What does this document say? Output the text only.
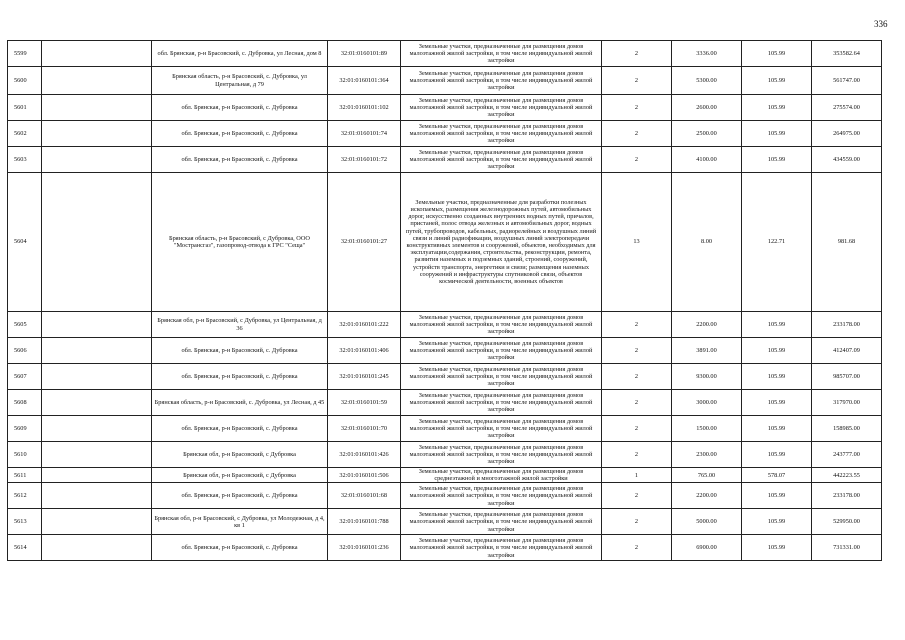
336
5599		обл. Брянская, р-н Брасовский, с. Дубровка, ул Лесная, дом 8	32:01:0160101:89	Земельные участки, предназначенные для размещения домов малоэтажной жилой застройки, в том числе индивидуальной жилой застройки	2	3336.00	105.99	353582.64
5600		Брянская область, р-н Брасовский, с. Дубровка, ул Центральная, д 79	32:01:0160101:364	Земельные участки, предназначенные для размещения домов малоэтажной жилой застройки, в том числе индивидуальной жилой застройки	2	5300.00	105.99	561747.00
5601		обл. Брянская, р-н Брасовский, с. Дубровка	32:01:0160101:102	Земельные участки, предназначенные для размещения домов малоэтажной жилой застройки, в том числе индивидуальной жилой застройки	2	2600.00	105.99	275574.00
5602		обл. Брянская, р-н Брасовский, с. Дубровка	32:01:0160101:74	Земельные участки, предназначенные для размещения домов малоэтажной жилой застройки, в том числе индивидуальной жилой застройки	2	2500.00	105.99	264975.00
5603		обл. Брянская, р-н Брасовский, с. Дубровка	32:01:0160101:72	Земельные участки, предназначенные для размещения домов малоэтажной жилой застройки, в том числе индивидуальной жилой застройки	2	4100.00	105.99	434559.00
5604		Брянская область, р-н Брасовский, с Дубровка, ООО "Мострансгаз", газопровод-отвода к ГРС "Сеща"	32:01:0160101:27	Земельные участки, предназначенные для разработки полезных ископаемых, размещения железнодорожных путей, автомобильных дорог, искусственно созданных внутренних водных путей, причалов, пристаней, полос отвода железных и автомобильных дорог, водных путей, трубопроводов, кабельных, радиорелейных и воздушных линий связи и линий радиофикации, воздушных линий электропередачи конструктивных элементов и сооружений, объектов, необходимых для эксплуатации,содержания, строительства, реконструкции, ремонта, развития наземных и подземных зданий, строений, сооружений, устройств транспорта, энергетики и связи; размещения наземных сооружений и инфраструктуры спутниковой связи, объектов космической деятельности, военных объектов	13	8.00	122.71	981.68
5605		Брянская обл, р-н Брасовский, с Дубровка, ул Центральная, д 36	32:01:0160101:222	Земельные участки, предназначенные для размещения домов малоэтажной жилой застройки, в том числе индивидуальной жилой застройки	2	2200.00	105.99	233178.00
5606		обл. Брянская, р-н Брасовский, с. Дубровка	32:01:0160101:406	Земельные участки, предназначенные для размещения домов малоэтажной жилой застройки, в том числе индивидуальной жилой застройки	2	3891.00	105.99	412407.09
5607		обл. Брянская, р-н Брасовский, с. Дубровка	32:01:0160101:245	Земельные участки, предназначенные для размещения домов малоэтажной жилой застройки, в том числе индивидуальной жилой застройки	2	9300.00	105.99	985707.00
5608		Брянская область, р-н Брасовский, с. Дубровка, ул Лесная, д 45	32:01:0160101:59	Земельные участки, предназначенные для размещения домов малоэтажной жилой застройки, в том числе индивидуальной жилой застройки	2	3000.00	105.99	317970.00
5609		обл. Брянская, р-н Брасовский, с. Дубровка	32:01:0160101:70	Земельные участки, предназначенные для размещения домов малоэтажной жилой застройки, в том числе индивидуальной жилой застройки	2	1500.00	105.99	158985.00
5610		Брянская обл, р-н Брасовский, с Дубровка	32:01:0160101:426	Земельные участки, предназначенные для размещения домов малоэтажной жилой застройки, в том числе индивидуальной жилой застройки	2	2300.00	105.99	243777.00
5611		Брянская обл, р-н Брасовский, с Дубровка	32:01:0160101:506	Земельные участки, предназначенные для размещения домов среднеэтажной и многоэтажной жилой застройки	1	765.00	578.07	442223.55
5612		обл. Брянская, р-н Брасовский, с. Дубровка	32:01:0160101:68	Земельные участки, предназначенные для размещения домов малоэтажной жилой застройки, в том числе индивидуальной жилой застройки	2	2200.00	105.99	233178.00
5613		Брянская обл, р-н Брасовский, с Дубровка, ул Молодежная, д 4, кв 1	32:01:0160101:788	Земельные участки, предназначенные для размещения домов малоэтажной жилой застройки, в том числе индивидуальной жилой застройки	2	5000.00	105.99	529950.00
5614		обл. Брянская, р-н Брасовский, с. Дубровка	32:01:0160101:236	Земельные участки, предназначенные для размещения домов малоэтажной жилой застройки, в том числе индивидуальной жилой застройки	2	6900.00	105.99	731331.00
